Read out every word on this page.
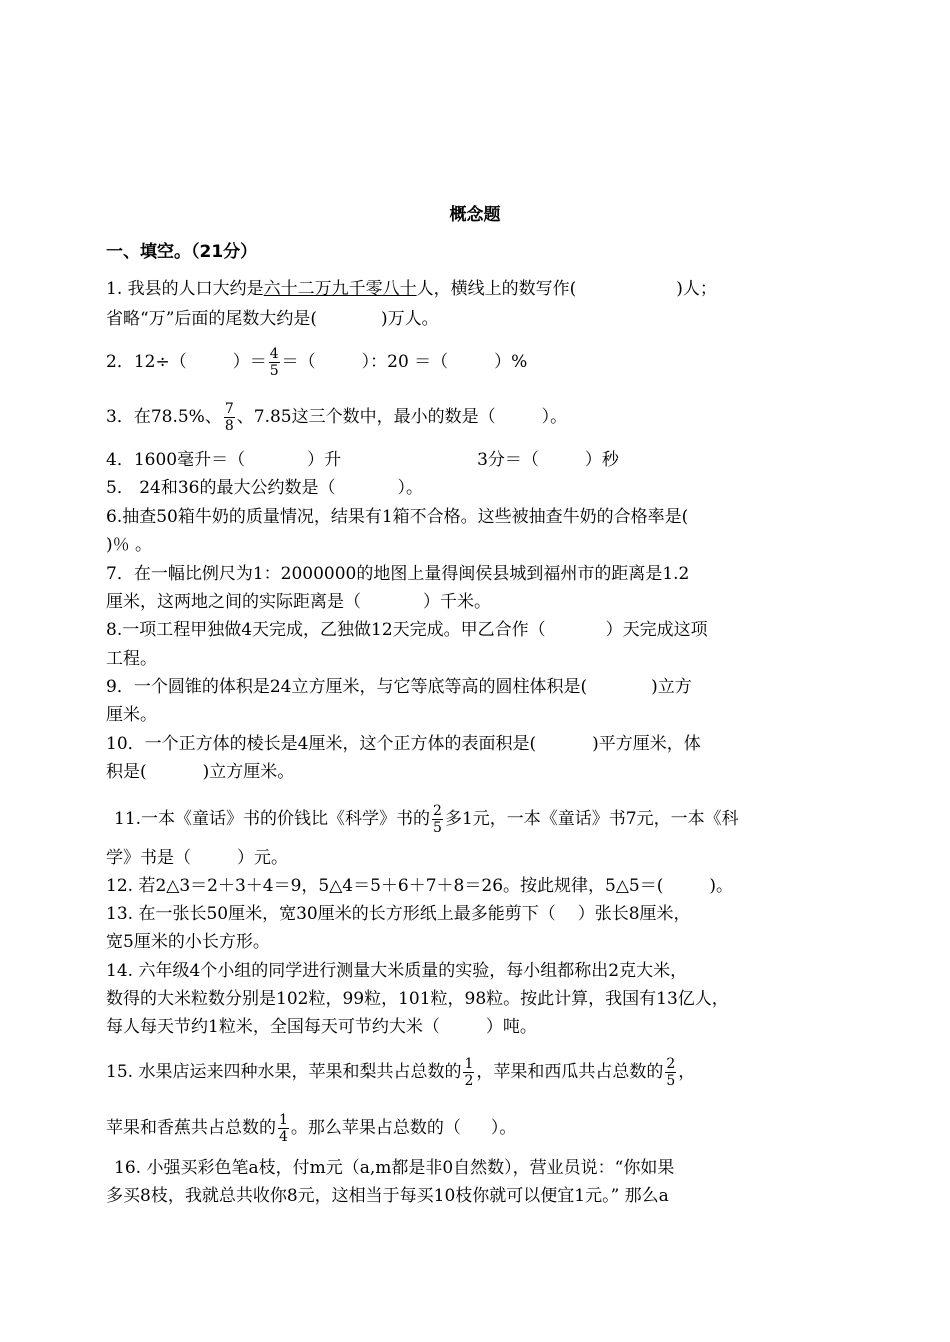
概念题
一、填空。（21分）
1. 我县的人口大约是六十二万九千零八十人，横线上的数写作(	)人；
省略“万”后面的尾数大约是(	)万人。
2．12÷（	）＝ $\frac{4}{5}$ ＝（	）：20 ＝（	）%
3．在78.5%、 $\frac{7}{8}$ 、7.85这三个数中，最小的数是（	）。
4．1600毫升＝（	）升	3分＝（	）秒
5． 24和36的最大公约数是（	）。
6.抽查50箱牛奶的质量情况，结果有1箱不合格。这些被抽查牛奶的合格率是(
)％ 。
7．在一幅比例尺为1：2000000的地图上量得闽侯县城到福州市的距离是1.2
厘米，这两地之间的实际距离是（	）千米。
8.一项工程甲独做4天完成，乙独做12天完成。甲乙合作（	）天完成这项
工程。
9．一个圆锥的体积是24立方厘米，与它等底等高的圆柱体积是(	)立方
厘米。
10．一个正方体的棱长是4厘米，这个正方体的表面积是(	)平方厘米，体
积是(	)立方厘米。
11.一本《童话》书的价钱比《科学》书的 $\frac{2}{5}$ 多1元，一本《童话》书7元，一本《科
学》书是（	）元。
12. 若2△3＝2＋3＋4＝9，5△4＝5＋6＋7＋8＝26。按此规律，5△5＝(	)。
13. 在一张长50厘米，宽30厘米的长方形纸上最多能剪下（ ）张长8厘米，
宽5厘米的小长方形。
14. 六年级4个小组的同学进行测量大米质量的实验，每小组都称出2克大米，
数得的大米粒数分别是102粒，99粒，101粒，98粒。按此计算，我国有13亿人，
每人每天节约1粒米，全国每天可节约大米（	）吨。
15. 水果店运来四种水果，苹果和梨共占总数的 $\frac{1}{2}$ ，苹果和西瓜共占总数的 $\frac{2}{5}$ ，
苹果和香蕉共占总数的 $\frac{1}{4}$ 。那么苹果占总数的（ ）。
16. 小强买彩色笔a枝，付m元（a,m都是非0自然数），营业员说：“你如果
多买8枝，我就总共收你8元，这相当于每买10枝你就可以便宜1元。” 那么a
